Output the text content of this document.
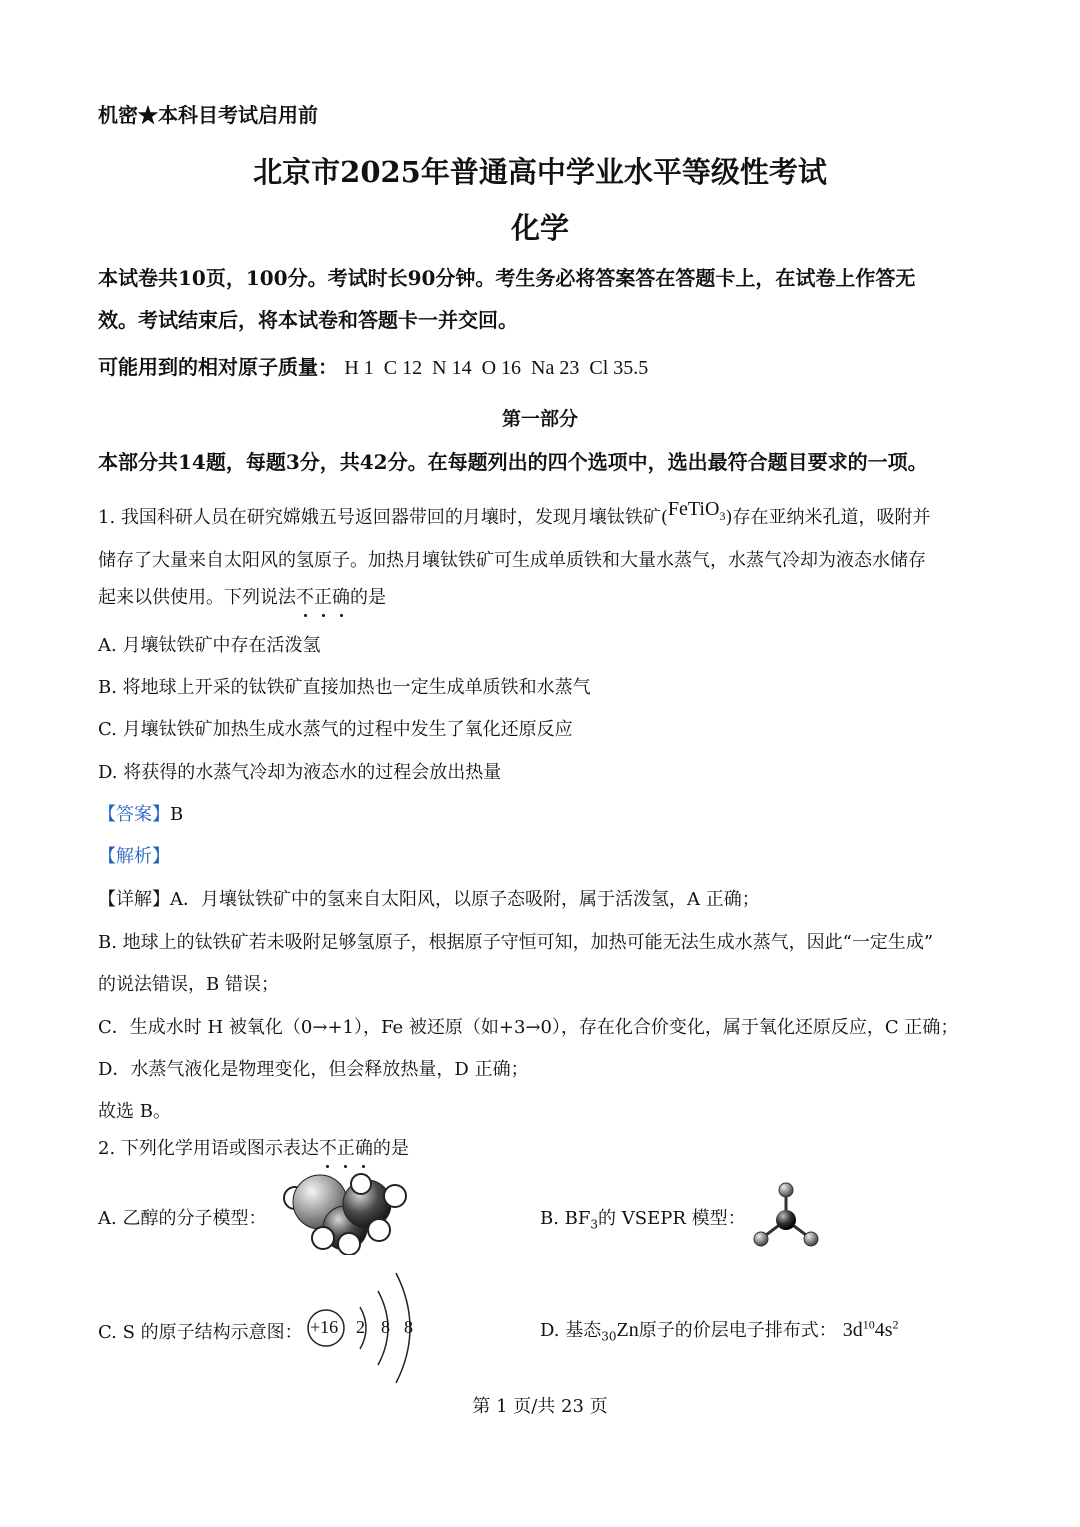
机密★本科目考试启用前
北京市2025年普通高中学业水平等级性考试
化学
本试卷共10页，100分。考试时长90分钟。考生务必将答案答在答题卡上，在试卷上作答无
效。考试结束后，将本试卷和答题卡一并交回。
可能用到的相对原子质量： H 1  C 12  N 14  O 16  Na 23  Cl 35.5
第一部分
本部分共14题，每题3分，共42分。在每题列出的四个选项中，选出最符合题目要求的一项。
1. 我国科研人员在研究嫦娥五号返回器带回的月壤时，发现月壤钛铁矿(FeTiO$_3$)存在亚纳米孔道，吸附并
储存了大量来自太阳风的氢原子。加热月壤钛铁矿可生成单质铁和大量水蒸气，水蒸气冷却为液态水储存
起来以供使用。下列说法不正确的是
A. 月壤钛铁矿中存在活泼氢
B. 将地球上开采的钛铁矿直接加热也一定生成单质铁和水蒸气
C. 月壤钛铁矿加热生成水蒸气的过程中发生了氧化还原反应
D. 将获得的水蒸气冷却为液态水的过程会放出热量
【答案】B
【解析】
【详解】A．月壤钛铁矿中的氢来自太阳风，以原子态吸附，属于活泼氢，A 正确；
B. 地球上的钛铁矿若未吸附足够氢原子，根据原子守恒可知，加热可能无法生成水蒸气，因此“一定生成”
的说法错误，B 错误；
C．生成水时 H 被氧化（0→+1），Fe 被还原（如+3→0），存在化合价变化，属于氧化还原反应，C 正确；
D．水蒸气液化是物理变化，但会释放热量，D 正确；
故选 B。
2. 下列化学用语或图示表达不正确的是
A. 乙醇的分子模型：	B. $BF_3$的 VSEPR 模型：
C. S 的原子结构示意图： +16 2 8 8	D. 基态$_{30}$Zn原子的价层电子排布式： $3d^{10}4s^2$
第 1 页/共 23 页
